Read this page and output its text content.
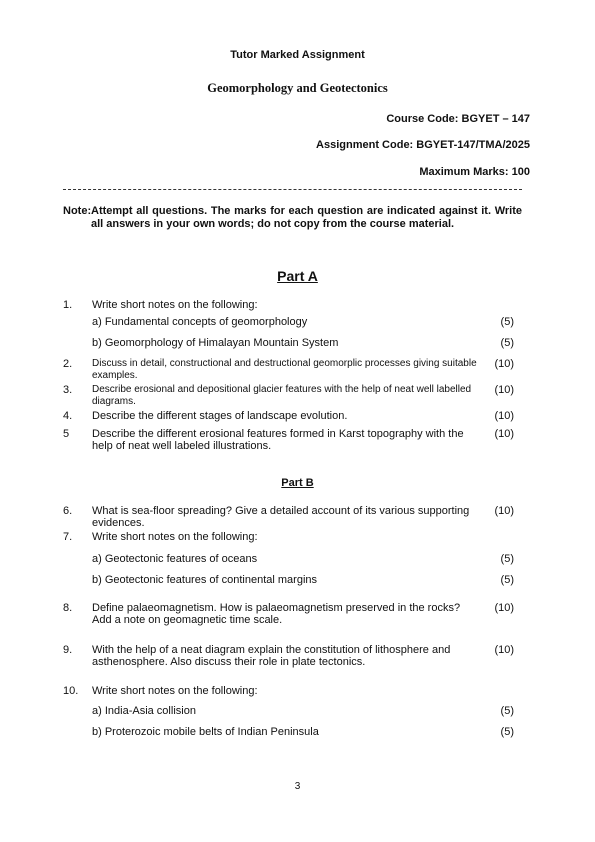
Tutor Marked Assignment
Geomorphology and Geotectonics
Course Code: BGYET – 147
Assignment Code: BGYET-147/TMA/2025
Maximum Marks: 100
Note: Attempt all questions. The marks for each question are indicated against it. Write all answers in your own words; do not copy from the course material.
Part A
1. Write short notes on the following:
a) Fundamental concepts of geomorphology	(5)
b) Geomorphology of Himalayan Mountain System	(5)
2. Discuss in detail, constructional and destructional geomorplic processes giving suitable examples.
(10)
3. Describe erosional and depositional glacier features with the help of neat well labelled diagrams.
(10)
4. Describe the different stages of landscape evolution.	(10)
5 Describe the different erosional features formed in Karst topography with the help of neat well labeled illustrations.
(10)
Part B
6. What is sea-floor spreading? Give a detailed account of its various supporting evidences.
(10)
7. Write short notes on the following:
a) Geotectonic features of oceans	(5)
b) Geotectonic features of continental margins	(5)
8. Define palaeomagnetism. How is palaeomagnetism preserved in the rocks? Add a note on geomagnetic time scale.
(10)
9. With the help of a neat diagram explain the constitution of lithosphere and asthenosphere. Also discuss their role in plate tectonics.
(10)
10. Write short notes on the following:
a) India-Asia collision	(5)
b) Proterozoic mobile belts of Indian Peninsula	(5)
3
